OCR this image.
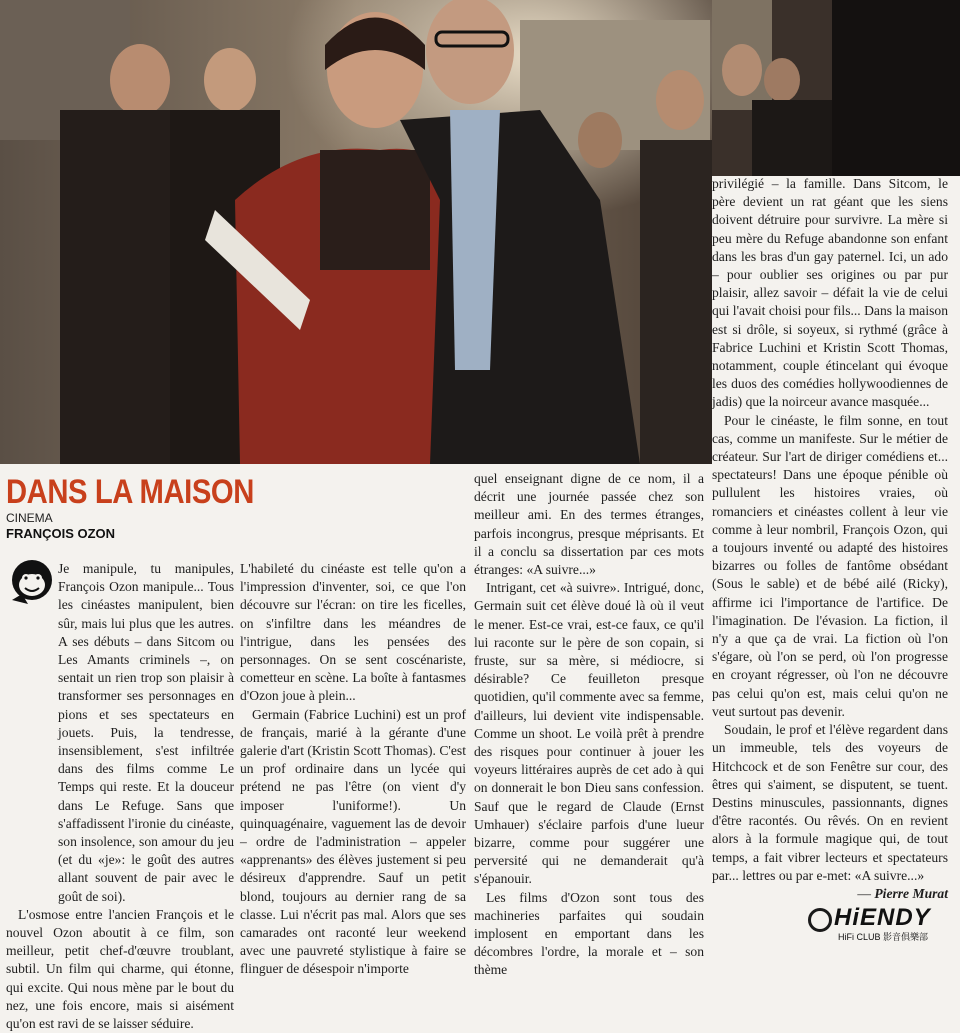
DANS LA MAISON
CINEMA
FRANÇOIS OZON

Je manipule, tu manipules, François Ozon manipule... Tous les cinéastes manipulent, bien sûr, mais lui plus que les autres. A ses débuts – dans Sitcom ou Les Amants criminels –, on sentait un rien trop son plaisir à transformer ses personnages en pions et ses spectateurs en jouets. Puis, la tendresse, insensiblement, s'est infiltrée dans des films comme Le Temps qui reste. Et la douceur dans Le Refuge. Sans que s'affadissent l'ironie du cinéaste, son insolence, son amour du jeu (et du «je»: le goût des autres allant souvent de pair avec le goût de soi).

L'osmose entre l'ancien François et le nouvel Ozon aboutit à ce film, son meilleur, petit chef-d'œuvre troublant, subtil. Un film qui charme, qui étonne, qui excite. Qui nous mène par le bout du nez, une fois encore, mais si aisément qu'on est ravi de se laisser séduire.

L'habileté du cinéaste est telle qu'on a l'impression d'inventer, soi, ce que l'on découvre sur l'écran: on tire les ficelles, on s'infiltre dans les méandres de l'intrigue, dans les pensées des personnages. On se sent coscénariste, cometteur en scène. La boîte à fantasmes d'Ozon joue à plein...

Germain (Fabrice Luchini) est un prof de français, marié à la gérante d'une galerie d'art (Kristin Scott Thomas). C'est un prof ordinaire dans un lycée qui prétend ne pas l'être (on vient d'y imposer l'uniforme!). Un quinquagénaire, vaguement las de devoir – ordre de l'administration – appeler «apprenants» des élèves justement si peu désireux d'apprendre. Sauf un petit blond, toujours au dernier rang de sa classe. Lui n'écrit pas mal. Alors que ses camarades ont raconté leur weekend avec une pauvreté stylistique à faire se flinguer de désespoir n'importe

quel enseignant digne de ce nom, il a décrit une journée passée chez son meilleur ami. En des termes étranges, parfois incongrus, presque méprisants. Et il a conclu sa dissertation par ces mots étranges: «A suivre...»

Intrigant, cet «à suivre». Intrigué, donc, Germain suit cet élève doué là où il veut le mener. Est-ce vrai, est-ce faux, ce qu'il lui raconte sur le père de son copain, si fruste, sur sa mère, si médiocre, si désirable? Ce feuilleton presque quotidien, qu'il commente avec sa femme, d'ailleurs, lui devient vite indispensable. Comme un shoot. Le voilà prêt à prendre des risques pour continuer à jouer les voyeurs littéraires auprès de cet ado à qui on donnerait le bon Dieu sans confession. Sauf que le regard de Claude (Ernst Umhauer) s'éclaire parfois d'une lueur bizarre, comme pour suggérer une perversité qui ne demanderait qu'à s'épanouir.

Les films d'Ozon sont tous des machineries parfaites qui soudain implosent en emportant dans les décombres l'ordre, la morale et – son thème

privilégié – la famille. Dans Sitcom, le père devient un rat géant que les siens doivent détruire pour survivre. La mère si peu mère du Refuge abandonne son enfant dans les bras d'un gay paternel. Ici, un ado – pour oublier ses origines ou par pur plaisir, allez savoir – défait la vie de celui qui l'avait choisi pour fils... Dans la maison est si drôle, si soyeux, si rythmé (grâce à Fabrice Luchini et Kristin Scott Thomas, notamment, couple étincelant qui évoque les duos des comédies hollywoodiennes de jadis) que la noirceur avance masquée...

Pour le cinéaste, le film sonne, en tout cas, comme un manifeste. Sur le métier de créateur. Sur l'art de diriger comédiens et... spectateurs! Dans une époque pénible où pullulent les histoires vraies, où romanciers et cinéastes collent à leur vie comme à leur nombril, François Ozon, qui a toujours inventé ou adapté des histoires bizarres ou folles de fantôme obsédant (Sous le sable) et de bébé ailé (Ricky), affirme ici l'importance de l'artifice. De l'imagination. De l'évasion. La fiction, il n'y a que ça de vrai. La fiction où l'on s'égare, où l'on se perd, où l'on progresse en croyant régresser, où l'on ne découvre pas celui qu'on est, mais celui qu'on ne veut surtout pas devenir.

Soudain, le prof et l'élève regardent dans un immeuble, tels des voyeurs de Hitchcock et de son Fenêtre sur cour, des êtres qui s'aiment, se disputent, se tuent. Destins minuscules, passionnants, dignes d'être racontés. Ou rêvés. On en revient alors à la formule magique qui, de tout temps, a fait vibrer lecteurs et spectateurs par... lettres ou par e-met: «A suivre...»

— Pierre Murat

HiENDY
HiFi CLUB 影音俱樂部
